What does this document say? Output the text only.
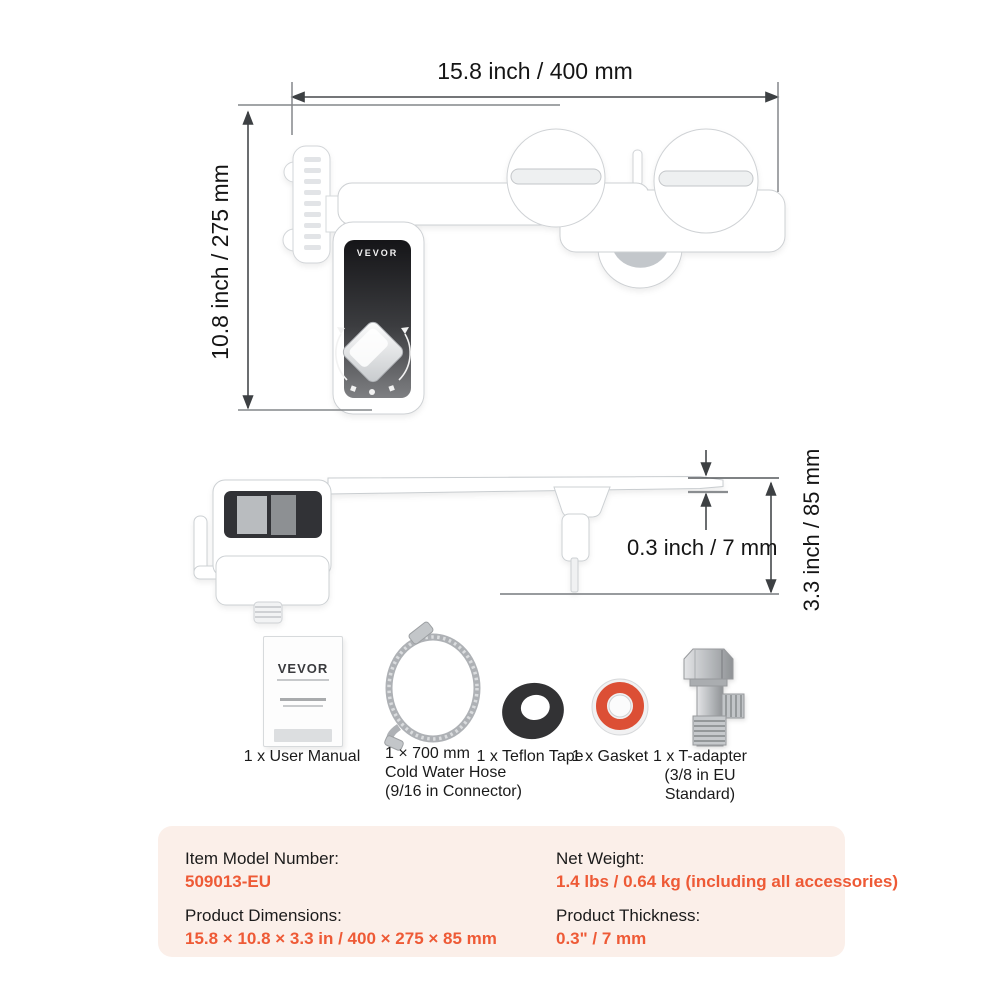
15.8 inch / 400 mm
10.8 inch / 275 mm	VEVOR
0.3 inch / 7 mm 3.3 inch / 85 mm
VEVOR
1 x User Manual	1 × 700 mm
Cold Water Hose
(9/16 in Connector)
1 x Teflon Tape
1 x Gasket 1 x T-adapter
(3/8 in EU
Standard)
Item Model Number:
509013-EU
Product Dimensions:
15.8 × 10.8 × 3.3 in / 400 × 275 × 85 mm
Net Weight:
1.4 lbs / 0.64 kg (including all accessories)
Product Thickness:
0.3" / 7 mm
